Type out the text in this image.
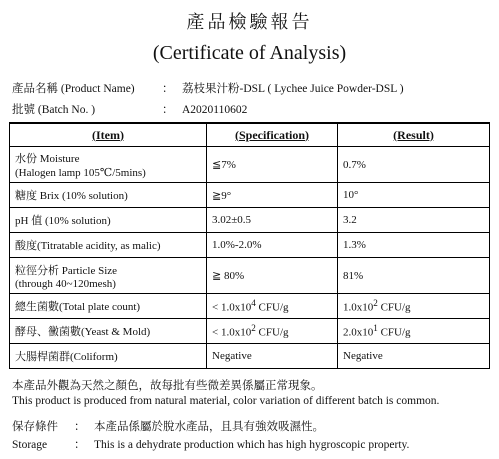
產品檢驗報告
(Certificate of Analysis)
產品名稱 (Product Name) ： 荔枝果汁粉-DSL ( Lychee Juice Powder-DSL )
批號 (Batch No. )	： A2020110602
(Item)	(Specification)	(Result)
水份 Moisture
(Halogen lamp 105℃/5mins)	≦7%	0.7%
糖度 Brix (10% solution)	≧9°	10°
pH 值 (10% solution)	3.02±0.5	3.2
酸度(Titratable acidity, as malic)	1.0%-2.0%	1.3%
粒徑分析 Particle Size
(through 40~120mesh)	≧ 80%	81%
總生菌數(Total plate count)	< $1.0x10^4$ CFU/g	$1.0x10^2$ CFU/g
酵母、黴菌數(Yeast & Mold)	< $1.0x10^2$ CFU/g	$2.0x10^1$ CFU/g
大腸桿菌群(Coliform)	Negative	Negative
本產品外觀為天然之顏色，故每批有些微差異係屬正常現象。
This product is produced from natural material, color variation of different batch is common.
保存條件 ： 本產品係屬於脫水產品，且具有強效吸濕性。
Storage ： This is a dehydrate production which has high hygroscopic property.
